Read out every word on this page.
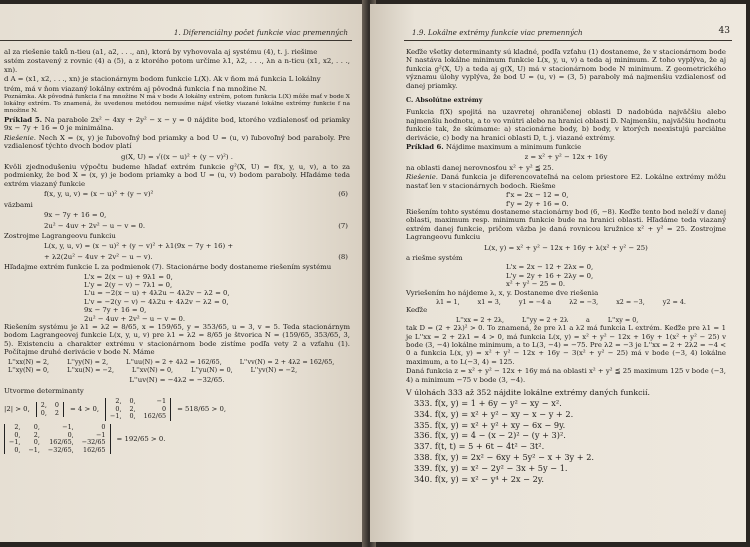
1. Diferenciálny počet funkcie viac premenných

al za riešenie taků n-tieu (a1, a2, . . ., an), ktorá by vyhovovala aj systému (4), t. j. riešime

sstém zostavený z rovnic (4) a (5), a z ktorého potom určíme λ1, λ2, . . ., λn a n-ticu (x1, x2, . . ., xn).

d A = (x1, x2, . . ., xn) je stacionárnym bodom funkcie L(X). Ak v ňom má funkcia L lokálny

trém, má v ňom viazaný lokálny extrém aj pôvodná funkcia f na množine N.

Poznámka. Ak pôvodná funkcia f na množine N má v bode A lokálny extrém, potom funkcia L(X) môže mať v bode X lokálny extrém. To znamená, že uvedenou metódou nemusíme nájsť všetky viazané lokálne extrémy funkcie f na množine N.

Príklad 5. Na parabole 2x² − 4xy + 2y² − x − y = 0 nájdite bod, ktorého vzdialenosť od priamky 9x − 7y + 16 = 0 je minimálna.

Riešenie. Nech X = (x, y) je ľubovoľný bod priamky a bod U = (u, v) ľubovoľný bod paraboly. Pre vzdialenosť týchto dvoch bodov platí

g(X, U) = √((x − u)² + (y − v)²) .

Kvôli zjednodušeniu výpočtu budeme hľadať extrém funkcie g²(X, U) = f(x, y, u, v), a to za podmienky, že bod X = (x, y) je bodom priamky a bod U = (u, v) bodom paraboly. Hľadáme teda extrém viazaný funkcie

f(x, y, u, v) = (x − u)² + (y − v)²	(6)

väzbami

9x − 7y + 16 = 0,
2u² − 4uv + 2v² − u − v = 0.	(7)

Zostrojme Lagrangeovu funkciu

L(x, y, u, v) = (x − u)² + (y − v)² + λ1(9x − 7y + 16) +
+ λ2(2u² − 4uv + 2v² − u − v).	(8)

Hľadajme extrém funkcie L za podmienok (7). Stacionárne body dostaneme riešením systému

L'x = 2(x − u) + 9λ1 = 0,
L'y = 2(y − v) − 7λ1 = 0,
L'u = −2(x − u) + 4λ2u − 4λ2v − λ2 = 0,
L'v = −2(y − v) − 4λ2u + 4λ2v − λ2 = 0,
9x − 7y + 16 = 0,
2u² − 4uv + 2v² − u − v = 0.

Riešením systému je λ1 = λ2 = 8/65, x = 159/65, y = 353/65, u = 3, v = 5. Teda stacionárnym bodom Lagrangeovej funkcie L(x, y, u, v) pre λ1 = λ2 = 8/65 je štvorica N = (159/65, 353/65, 3, 5). Existenciu a charakter extrému v stacionárnom bode zistíme podľa vety 2 a vzťahu (1). Počítajme druhé derivácie v bode N. Máme

L''xx(N) = 2,	L''yy(N) = 2,	L''uu(N) = 2 + 4λ2 = 162/65,	L''vv(N) = 2 + 4λ2 = 162/65,
L''xy(N) = 0,	L''xu(N) = −2,	L''xv(N) = 0,	L''yu(N) = 0,	L''yv(N) = −2,
L''uv(N) = −4λ2 = −32/65.

Utvorme determinanty

|2| > 0,
2, 0
0, 2 = 4 > 0,
2, 0,	−1
0, 2,	0
−1, 0, 162/65
= 518/65 > 0,
2,	0,	−1,	0
0,	2,	0,	−1
−1,	0, 162/65, −32/65
0, −1, −32/65, 162/65
= 192/65 > 0.
1.9. Lokálne extrémy funkcie viac premenných	43

Keďže všetky determinanty sú kladné, podľa vzťahu (1) dostaneme, že v stacionárnom bode N nastáva lokálne minimum funkcie L(x, y, u, v) a teda aj minimum. Z toho vyplýva, že aj funkcia g²(X, U) a teda aj g(X, U) má v stacionárnom bode N minimum. Z geometrického významu úlohy vyplýva, že bod U = (u, v) = (3, 5) paraboly má najmenšiu vzdialenosť od danej priamky.

C. Absolútne extrémy

Funkcia f(X) spojitá na uzavretej ohraničenej oblasti D nadobúda najväčšiu alebo najmenšiu hodnotu, a to vo vnútri alebo na hranici oblasti D. Najmenšiu, najväčšiu hodnotu funkcie tak, že skúmame: a) stacionárne body, b) body, v ktorých neexistujú parciálne derivácie, c) body na hranici oblasti D, t. j. viazané extrémy.

Príklad 6. Nájdime maximum a minimum funkcie

z = x² + y² − 12x + 16y

na oblasti danej nerovnosťou x² + y² ≦ 25.

Riešenie. Daná funkcia je diferencovateľná na celom priestore E2. Lokálne extrémy môžu nastať len v stacionárnych bodoch. Riešme

f'x = 2x − 12 = 0,
f'y = 2y + 16 = 0.

Riešením tohto systému dostaneme stacionárny bod (6, −8). Keďže tento bod neleží v danej oblasti, maximum resp. minimum funkcie bude na hranici oblasti. Hľadáme teda viazaný extrém danej funkcie, pričom väzba je daná rovnicou kružnice x² + y² = 25. Zostrojme Lagrangeovu funkciu

L(x, y) = x² + y² − 12x + 16y + λ(x² + y² − 25)

a riešme systém

L'x = 2x − 12 + 2λx = 0,
L'y = 2y + 16 + 2λy = 0,
x² + y² − 25 = 0.

Vyriešením ho nájdeme λ, x, y. Dostaneme dve riešenia

λ1 = 1,	x1 = 3,	y1 = −4 a	λ2 = −3,	x2 = −3,	y2 = 4.

Keďže

L''xx = 2 + 2λ,	L''yy = 2 + 2λ	a	L''xy = 0,

tak D = (2 + 2λ)² > 0. To znamená, že pre λ1 a λ2 má funkcia L extrém. Keďže pre λ1 = 1 je L''xx = 2 + 2λ1 = 4 > 0, má funkcia L(x, y) = x² + y² − 12x + 16y + 1(x² + y² − 25) v bode (3, −4) lokálne minimum, a to L(3, −4) = −75. Pre λ2 = −3 je L''xx = 2 + 2λ2 = −4 < 0 a funkcia L(x, y) = x² + y² − 12x + 16y − 3(x² + y² − 25) má v bode (−3, 4) lokálne maximum, a to L(−3, 4) = 125.

Daná funkcia z = x² + y² − 12x + 16y má na oblasti x² + y² ≦ 25 maximum 125 v bode (−3, 4) a minimum −75 v bode (3, −4).

V úlohách 333 až 352 nájdite lokálne extrémy daných funkcií.
333. f(x, y) = 1 + 6y − y² − xy − x².
334. f(x, y) = x² + y² − xy − x − y + 2.
335. f(x, y) = x² + y² + xy − 6x − 9y.
336. f(x, y) = 4 − (x − 2)² − (y + 3)².
337. f(t, t) = 5 + 6t − 4t² − 3t².
338. f(x, y) = 2x² − 6xy + 5y² − x + 3y + 2.
339. f(x, y) = x² − 2y² − 3x + 5y − 1.
340. f(x, y) = x² − y⁴ + 2x − 2y.
